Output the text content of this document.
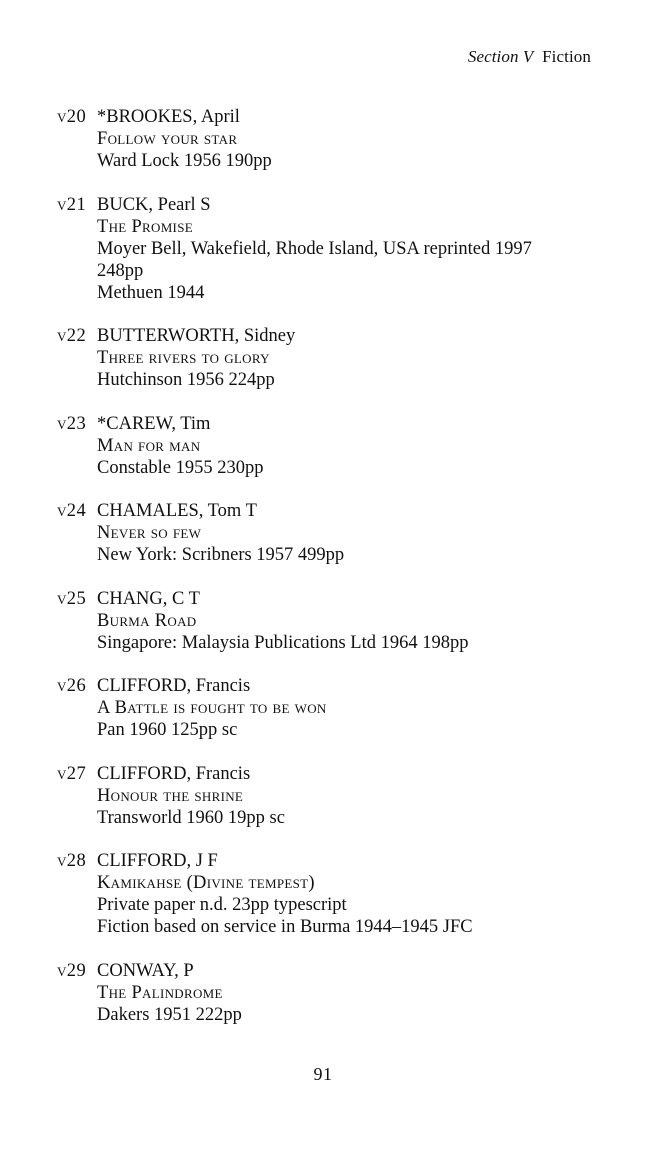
Section V Fiction
v20 *BROOKES, April
Follow your star
Ward Lock 1956 190pp
v21 BUCK, Pearl S
The Promise
Moyer Bell, Wakefield, Rhode Island, USA reprinted 1997
248pp
Methuen 1944
v22 BUTTERWORTH, Sidney
Three rivers to glory
Hutchinson 1956 224pp
v23 *CAREW, Tim
Man for man
Constable 1955 230pp
v24 CHAMALES, Tom T
Never so few
New York: Scribners 1957 499pp
v25 CHANG, C T
Burma Road
Singapore: Malaysia Publications Ltd 1964 198pp
v26 CLIFFORD, Francis
A Battle is fought to be won
Pan 1960 125pp sc
v27 CLIFFORD, Francis
Honour the shrine
Transworld 1960 19pp sc
v28 CLIFFORD, J F
Kamikahse (Divine tempest)
Private paper n.d. 23pp typescript
Fiction based on service in Burma 1944–1945 JFC
v29 CONWAY, P
The Palindrome
Dakers 1951 222pp
91
